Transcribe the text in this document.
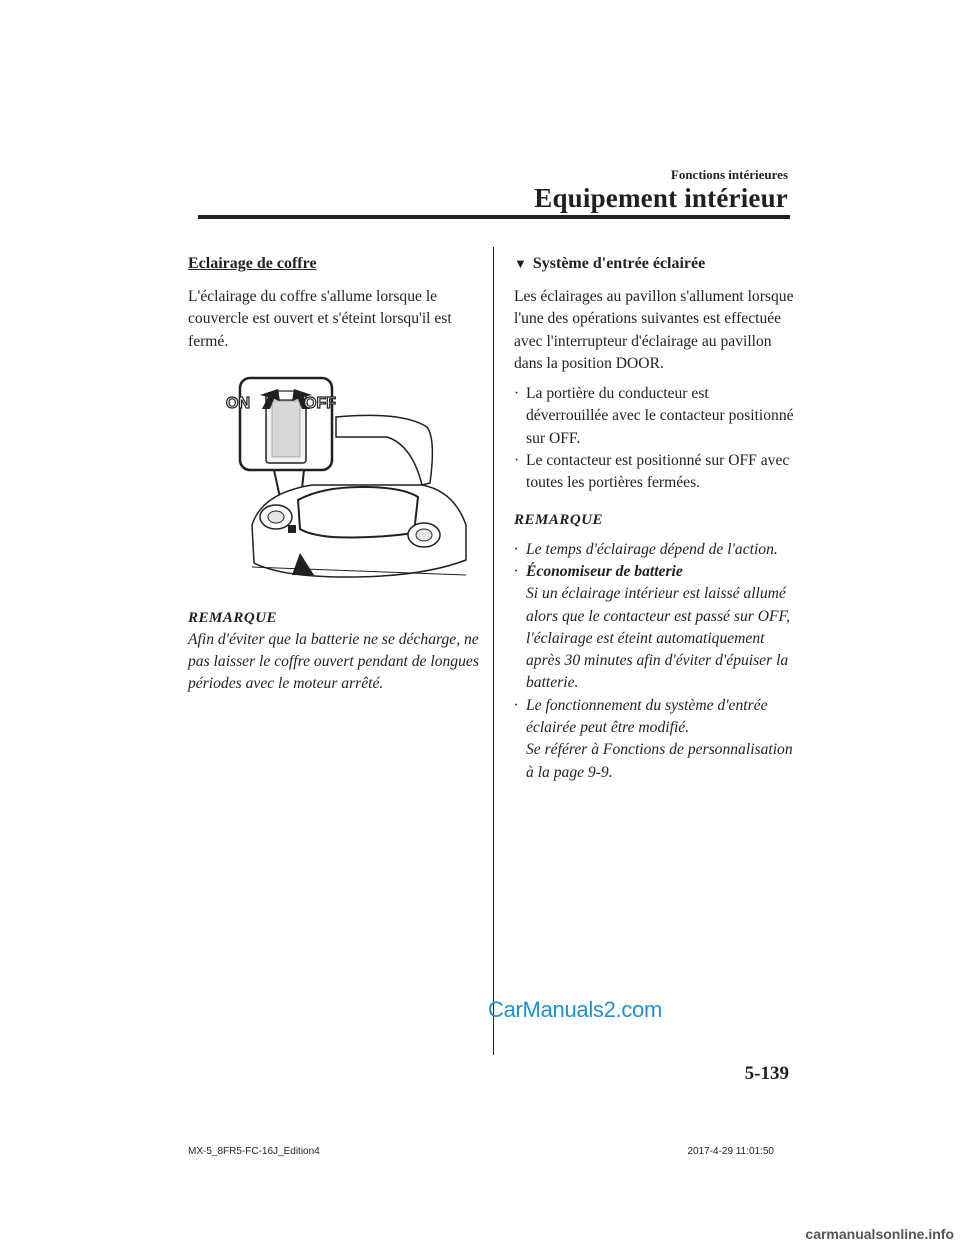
Fonctions intérieures
Equipement intérieur
Eclairage de coffre

L'éclairage du coffre s'allume lorsque le couvercle est ouvert et s'éteint lorsqu'il est fermé.

ON	OFF
REMARQUE

Afin d'éviter que la batterie ne se décharge, ne pas laisser le coffre ouvert pendant de longues périodes avec le moteur arrêté.

▼ Système d'entrée éclairée

Les éclairages au pavillon s'allument lorsque l'une des opérations suivantes est effectuée avec l'interrupteur d'éclairage au pavillon dans la position DOOR.

· La portière du conducteur est déverrouillée avec le contacteur positionné sur OFF.
· Le contacteur est positionné sur OFF avec toutes les portières fermées.
REMARQUE
· Le temps d'éclairage dépend de l'action.
· Économiseur de batterie
Si un éclairage intérieur est laissé allumé alors que le contacteur est passé sur OFF, l'éclairage est éteint automatiquement après 30 minutes afin d'éviter d'épuiser la batterie.
· Le fonctionnement du système d'entrée éclairée peut être modifié.
Se référer à Fonctions de personnalisation à la page 9-9.
CarManuals2.com
5-139
MX-5_8FR5-FC-16J_Edition4	2017-4-29 11:01:50
carmanualsonline.info
